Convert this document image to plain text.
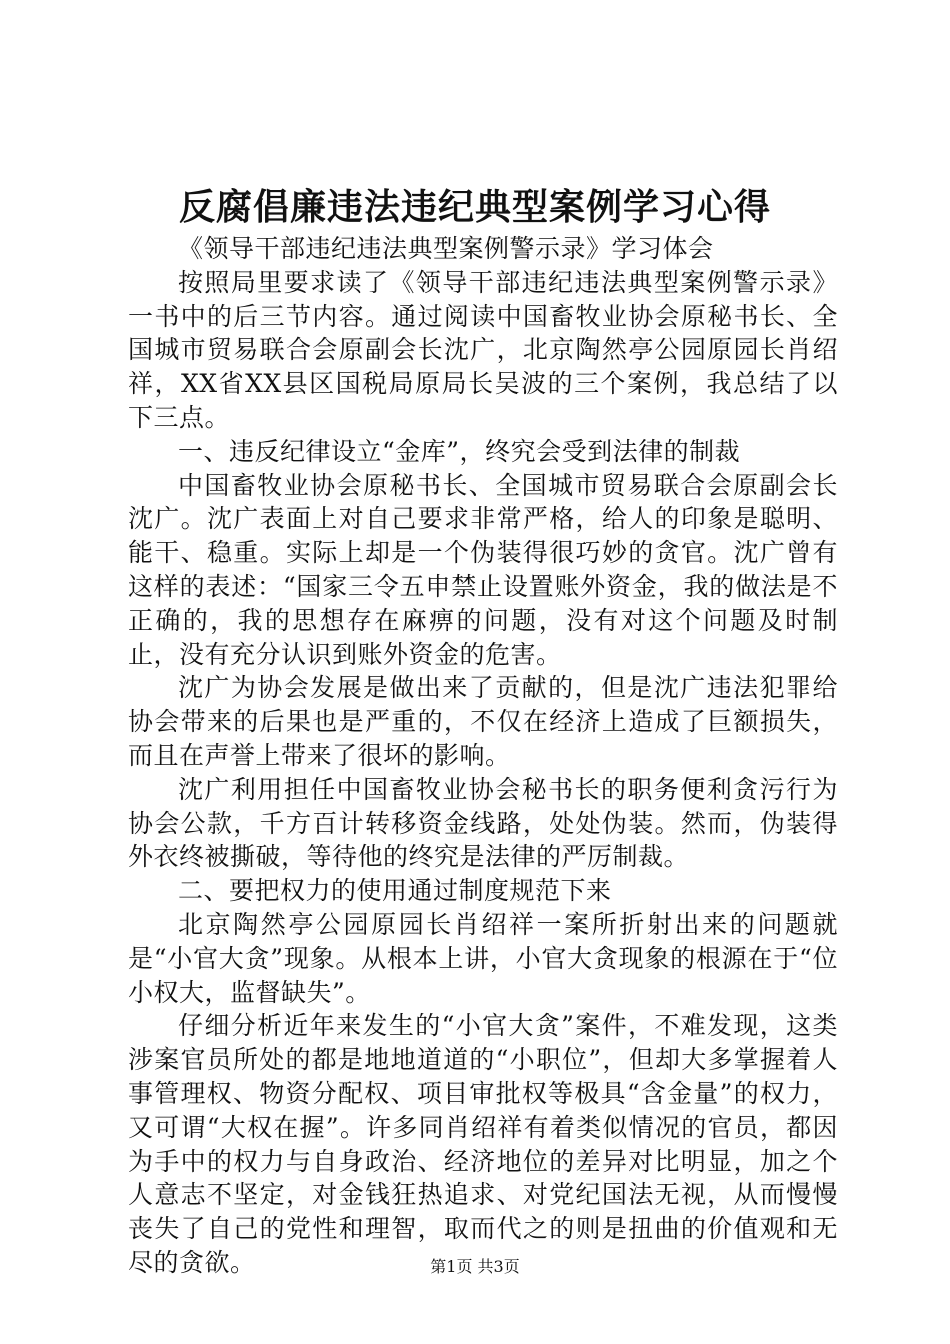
反腐倡廉违法违纪典型案例学习心得

《领导干部违纪违法典型案例警示录》学习体会

按照局里要求读了《领导干部违纪违法典型案例警示录》一书中的后三节内容。通过阅读中国畜牧业协会原秘书长、全国城市贸易联合会原副会长沈广，北京陶然亭公园原园长肖绍祥，XX省XX县区国税局原局长吴波的三个案例，我总结了以下三点。

一、违反纪律设立“金库”，终究会受到法律的制裁

中国畜牧业协会原秘书长、全国城市贸易联合会原副会长沈广。沈广表面上对自己要求非常严格，给人的印象是聪明、能干、稳重。实际上却是一个伪装得很巧妙的贪官。沈广曾有这样的表述：“国家三令五申禁止设置账外资金，我的做法是不正确的，我的思想存在麻痹的问题，没有对这个问题及时制止，没有充分认识到账外资金的危害。

沈广为协会发展是做出来了贡献的，但是沈广违法犯罪给协会带来的后果也是严重的，不仅在经济上造成了巨额损失，而且在声誉上带来了很坏的影响。

沈广利用担任中国畜牧业协会秘书长的职务便利贪污行为协会公款，千方百计转移资金线路，处处伪装。然而，伪装得外衣终被撕破，等待他的终究是法律的严厉制裁。

二、要把权力的使用通过制度规范下来

北京陶然亭公园原园长肖绍祥一案所折射出来的问题就是“小官大贪”现象。从根本上讲，小官大贪现象的根源在于“位小权大，监督缺失”。

仔细分析近年来发生的“小官大贪”案件，不难发现，这类涉案官员所处的都是地地道道的“小职位”，但却大多掌握着人事管理权、物资分配权、项目审批权等极具“含金量”的权力，又可谓“大权在握”。许多同肖绍祥有着类似情况的官员，都因为手中的权力与自身政治、经济地位的差异对比明显，加之个人意志不坚定，对金钱狂热追求、对党纪国法无视，从而慢慢丧失了自己的党性和理智，取而代之的则是扭曲的价值观和无尽的贪欲。	第1页 共3页
